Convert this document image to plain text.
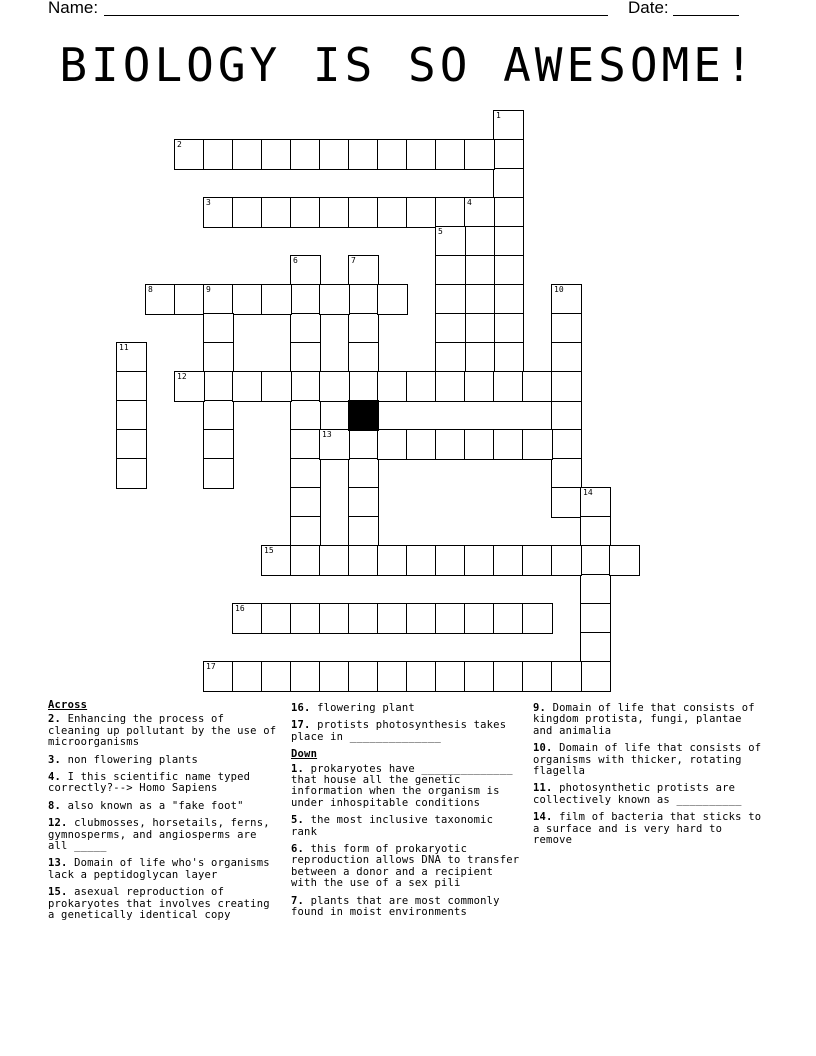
Name:	Date:
BIOLOGY IS SO AWESOME!
1
2
3	4
5
6	7
8	9	10
11
12
14
15
16
17
13

Across

2. Enhancing the process of cleaning up pollutant by the use of microorganisms

3. non flowering plants

4. I this scientific name typed correctly?--> Homo Sapiens

8. also known as a "fake foot"

12. clubmosses, horsetails, ferns, gymnosperms, and angiosperms are all _____

13. Domain of life who's organisms lack a peptidoglycan layer

15. asexual reproduction of prokaryotes that involves creating a genetically identical copy

16. flowering plant

17. protists photosynthesis takes place in ______________

Down

1. prokaryotes have ______________ that house all the genetic information when the organism is under inhospitable conditions

5. the most inclusive taxonomic rank

6. this form of prokaryotic reproduction allows DNA to transfer between a donor and a recipient with the use of a sex pili

7. plants that are most commonly found in moist environments

9. Domain of life that consists of kingdom protista, fungi, plantae and animalia

10. Domain of life that consists of organisms with thicker, rotating flagella

11. photosynthetic protists are collectively known as __________

14. film of bacteria that sticks to a surface and is very hard to remove
